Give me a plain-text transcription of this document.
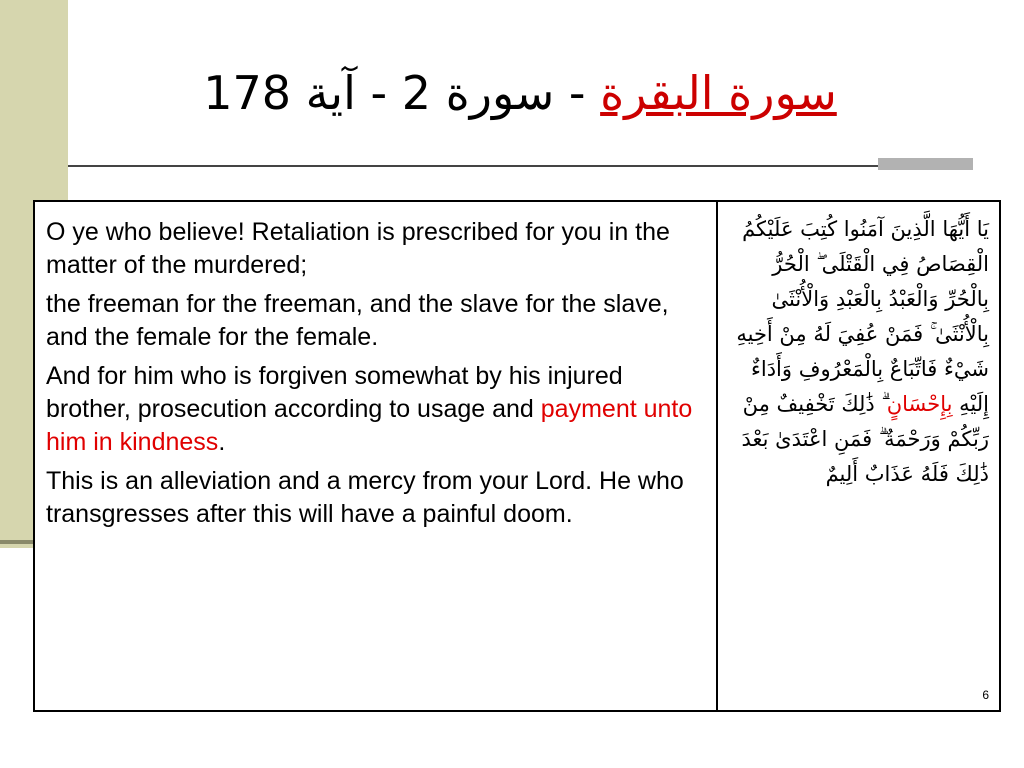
سورة البقرة - سورة 2 - آية 178

O ye who believe! Retaliation is prescribed for you in the matter of the murdered;

the freeman for the freeman, and the slave for the slave, and the female for the female.

And for him who is forgiven somewhat by his injured brother, prosecution according to usage and payment unto him in kindness.

This is an alleviation and a mercy from your Lord. He who transgresses after this will have a painful doom.

يَا أَيُّهَا الَّذِينَ آمَنُوا كُتِبَ عَلَيْكُمُ الْقِصَاصُ فِي الْقَتْلَى ۖ الْحُرُّ بِالْحُرِّ وَالْعَبْدُ بِالْعَبْدِ وَالْأُنْثَىٰ بِالْأُنْثَىٰ ۚ فَمَنْ عُفِيَ لَهُ مِنْ أَخِيهِ شَيْءٌ فَاتِّبَاعٌ بِالْمَعْرُوفِ وَأَدَاءٌ إِلَيْهِ بِإِحْسَانٍ ۗ ذَٰلِكَ تَخْفِيفٌ مِنْ رَبِّكُمْ وَرَحْمَةٌ ۗ فَمَنِ اعْتَدَىٰ بَعْدَ ذَٰلِكَ فَلَهُ عَذَابٌ أَلِيمٌ
6
